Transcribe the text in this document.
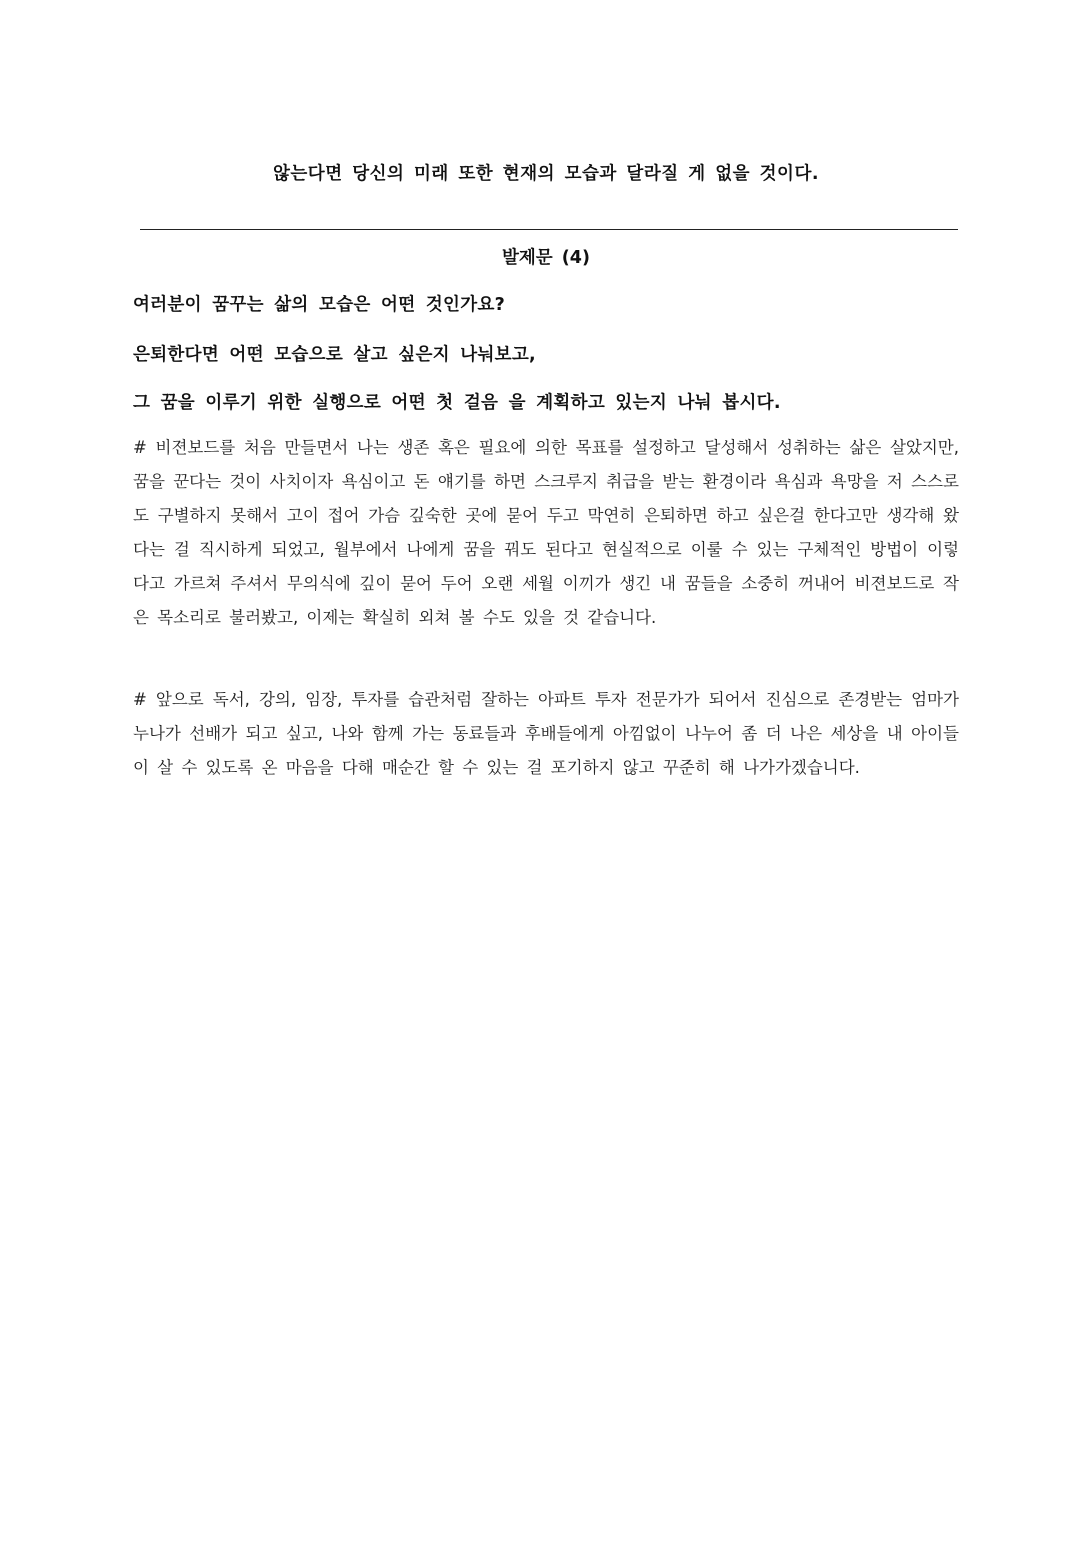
않는다면 당신의 미래 또한 현재의 모습과 달라질 게 없을 것이다.
발제문 (4)
여러분이 꿈꾸는 삶의 모습은 어떤 것인가요?
은퇴한다면 어떤 모습으로 살고 싶은지 나눠보고,
그 꿈을 이루기 위한 실행으로 어떤 첫 걸음 을 계획하고 있는지 나눠 봅시다.
# 비젼보드를 처음 만들면서 나는 생존 혹은 필요에 의한 목표를 설정하고 달성해서 성취하는 삶은 살았지만, 꿈을 꾼다는 것이 사치이자 욕심이고 돈 얘기를 하면 스크루지 취급을 받는 환경이라 욕심과 욕망을 저 스스로도 구별하지 못해서 고이 접어 가슴 깊숙한 곳에 묻어 두고 막연히 은퇴하면 하고 싶은걸 한다고만 생각해 왔다는 걸 직시하게 되었고, 월부에서 나에게 꿈을 꿔도 된다고 현실적으로 이룰 수 있는 구체적인 방법이 이렇다고 가르쳐 주셔서 무의식에 깊이 묻어 두어 오랜 세월 이끼가 생긴 내 꿈들을 소중히 꺼내어 비젼보드로 작은 목소리로 불러봤고, 이제는 확실히 외쳐 볼 수도 있을 것 같습니다.
# 앞으로 독서, 강의, 임장, 투자를 습관처럼 잘하는 아파트 투자 전문가가 되어서 진심으로 존경받는 엄마가 누나가 선배가 되고 싶고, 나와 함께 가는 동료들과 후배들에게 아낌없이 나누어 좀 더 나은 세상을 내 아이들이 살 수 있도록 온 마음을 다해 매순간 할 수 있는 걸 포기하지 않고 꾸준히 해 나가가겠습니다.
